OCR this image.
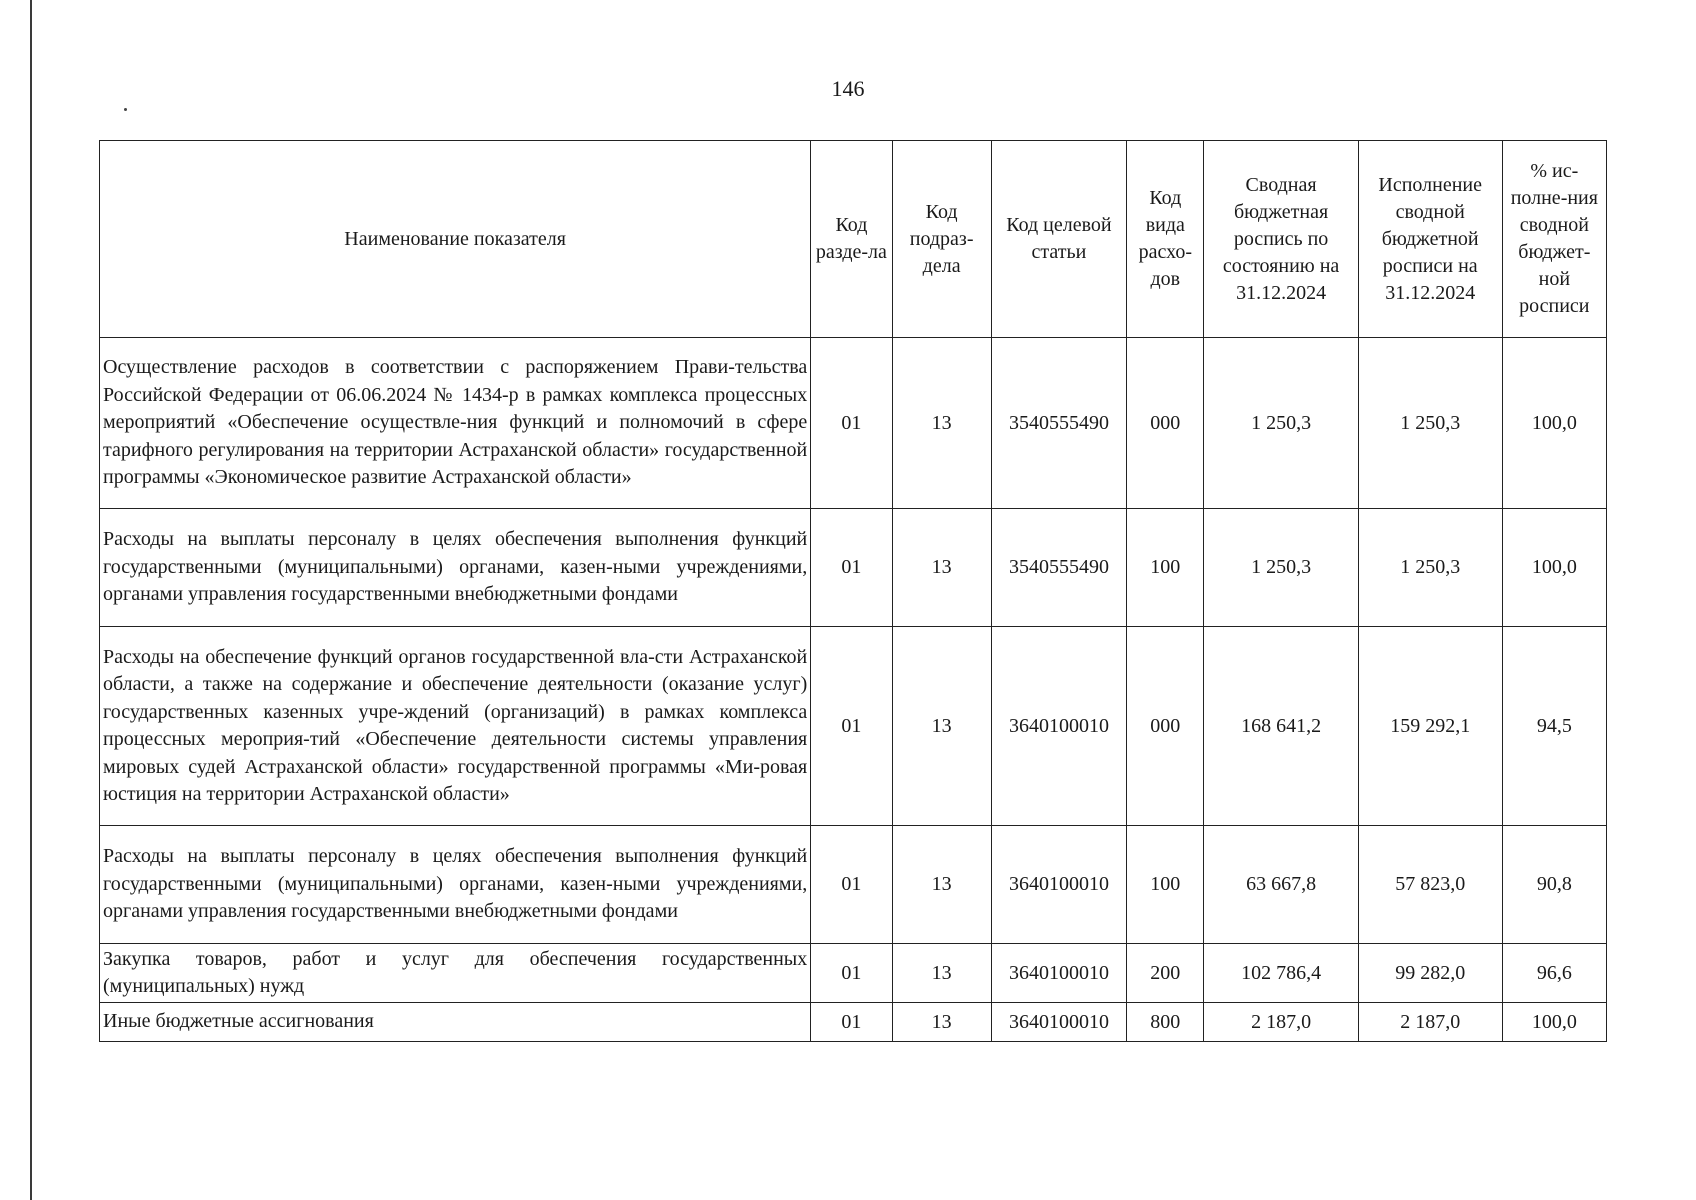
146
Наименование показателя	Код разде-ла	Код подраз-дела	Код целевой статьи	Код вида расхо-дов	Сводная бюджетная роспись по состоянию на 31.12.2024	Исполнение сводной бюджетной росписи на 31.12.2024	% ис-полне-ния сводной бюджет-ной росписи
Осуществление расходов в соответствии с распоряжением Прави-тельства Российской Федерации от 06.06.2024 № 1434-р в рамках комплекса процессных мероприятий «Обеспечение осуществле-ния функций и полномочий в сфере тарифного регулирования на территории Астраханской области» государственной программы «Экономическое развитие Астраханской области»	01	13	3540555490	000	1 250,3	1 250,3	100,0
Расходы на выплаты персоналу в целях обеспечения выполнения функций государственными (муниципальными) органами, казен-ными учреждениями, органами управления государственными внебюджетными фондами	01	13	3540555490	100	1 250,3	1 250,3	100,0
Расходы на обеспечение функций органов государственной вла-сти Астраханской области, а также на содержание и обеспечение деятельности (оказание услуг) государственных казенных учре-ждений (организаций) в рамках комплекса процессных мероприя-тий «Обеспечение деятельности системы управления мировых судей Астраханской области» государственной программы «Ми-ровая юстиция на территории Астраханской области»	01	13	3640100010	000	168 641,2	159 292,1	94,5
Расходы на выплаты персоналу в целях обеспечения выполнения функций государственными (муниципальными) органами, казен-ными учреждениями, органами управления государственными внебюджетными фондами	01	13	3640100010	100	63 667,8	57 823,0	90,8
Закупка товаров, работ и услуг для обеспечения государственных (муниципальных) нужд	01	13	3640100010	200	102 786,4	99 282,0	96,6
Иные бюджетные ассигнования	01	13	3640100010	800	2 187,0	2 187,0	100,0
